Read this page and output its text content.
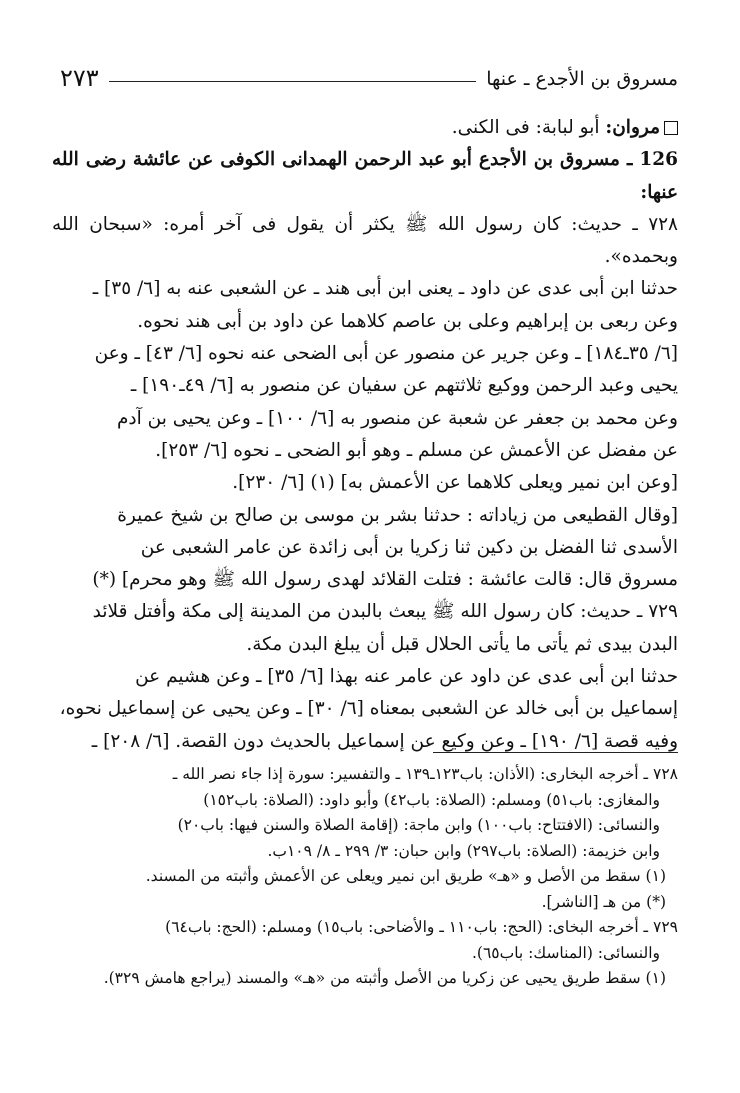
مسروق بن الأجدع ـ عنها
٢٧٣

مروان: أبو لبابة: فى الكنى.

126 ـ مسروق بن الأجدع أبو عبد الرحمن الهمدانى الكوفى عن عائشة رضى الله عنها:

٧٢٨ ـ حديث: كان رسول الله ﷺ يكثر أن يقول فى آخر أمره: «سبحان الله وبحمده».

حدثنا ابن أبى عدى عن داود ـ يعنى ابن أبى هند ـ عن الشعبى عنه به [٦/ ٣٥] ـ

وعن ربعى بن إبراهيم وعلى بن عاصم كلاهما عن داود بن أبى هند نحوه.

[٦/ ٣٥ـ١٨٤] ـ وعن جرير عن منصور عن أبى الضحى عنه نحوه [٦/ ٤٣] ـ وعن

يحيى وعبد الرحمن ووكيع ثلاثتهم عن سفيان عن منصور به [٦/ ٤٩ـ١٩٠] ـ

وعن محمد بن جعفر عن شعبة عن منصور به [٦/ ١٠٠] ـ وعن يحيى بن آدم

عن مفضل عن الأعمش عن مسلم ـ وهو أبو الضحى ـ نحوه [٦/ ٢٥٣].

[وعن ابن نمير ويعلى كلاهما عن الأعمش به] (١) [٦/ ٢٣٠].

[وقال القطيعى من زياداته : حدثنا بشر بن موسى بن صالح بن شيخ عميرة

الأسدى ثنا الفضل بن دكين ثنا زكريا بن أبى زائدة عن عامر الشعبى عن

مسروق قال: قالت عائشة : فتلت القلائد لهدى رسول الله ﷺ وهو محرم] (*)

٧٢٩ ـ حديث: كان رسول الله ﷺ يبعث بالبدن من المدينة إلى مكة وأفتل قلائد

البدن بيدى ثم يأتى ما يأتى الحلال قبل أن يبلغ البدن مكة.

حدثنا ابن أبى عدى عن داود عن عامر عنه بهذا [٦/ ٣٥] ـ وعن هشيم عن

إسماعيل بن أبى خالد عن الشعبى بمعناه [٦/ ٣٠] ـ وعن يحيى عن إسماعيل نحوه،

وفيه قصة [٦/ ١٩٠] ـ وعن وكيع عن إسماعيل بالحديث دون القصة. [٦/ ٢٠٨] ـ

٧٢٨ ـ أخرجه البخارى: (الأذان: باب١٢٣ـ١٣٩ ـ والتفسير: سورة إذا جاء نصر الله ـ

والمغازى: باب٥١) ومسلم: (الصلاة: باب٤٢) وأبو داود: (الصلاة: باب١٥٢)

والنسائى: (الافتتاح: باب١٠٠) وابن ماجة: (إقامة الصلاة والسنن فيها: باب٢٠)

وابن خزيمة: (الصلاة: باب٢٩٧) وابن حبان: ٣/ ٢٩٩ ـ ٨/ ١٠٩ب.

(١) سقط من الأصل و «هـ» طريق ابن نمير ويعلى عن الأعمش وأثبته من المسند.

(*) من هـ [الناشر].

٧٢٩ ـ أخرجه البخاى: (الحج: باب١١٠ ـ والأضاحى: باب١٥) ومسلم: (الحج: باب٦٤)

والنسائى: (المناسك: باب٦٥).

(١) سقط طريق يحيى عن زكريا من الأصل وأثبته من «هـ» والمسند (يراجع هامش ٣٢٩).
